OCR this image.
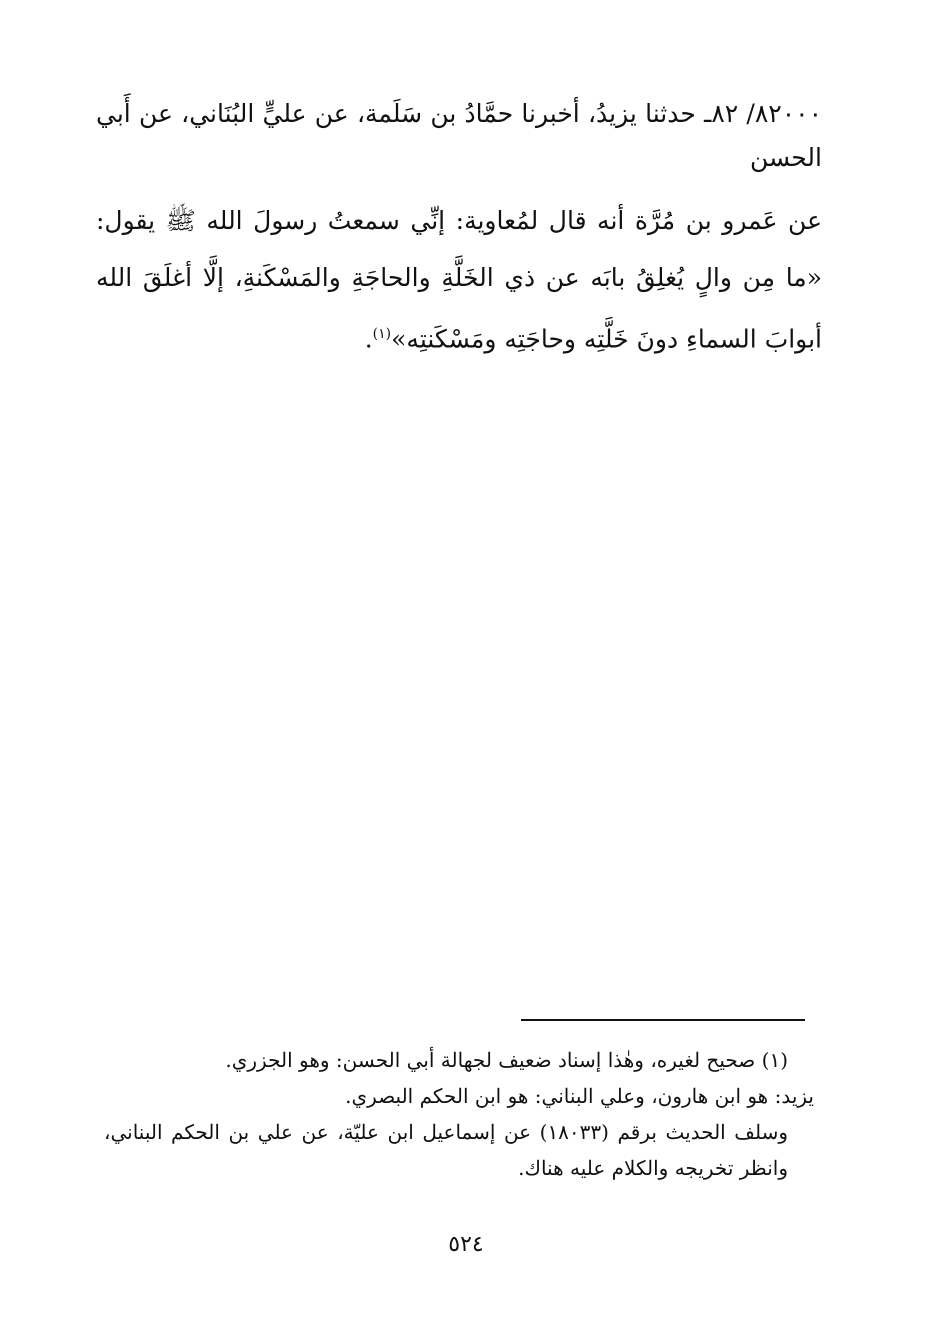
٨٢٠٠٠/ ٨٢ـ حدثنا يزيدُ، أخبرنا حمَّادُ بن سَلَمة، عن عليٍّ البُنَاني، عن أَبي الحسن

عن عَمرو بن مُرَّة أنه قال لمُعاوية: إنِّي سمعتُ رسولَ الله ﷺ يقول: «ما مِن والٍ يُغلِقُ بابَه عن ذي الخَلَّةِ والحاجَةِ والمَسْكَنةِ، إلَّا أغلَقَ الله أبوابَ السماءِ دونَ خَلَّتِه وحاجَتِه ومَسْكَنتِه»$^{(١)}$.

(١) صحيح لغيره، وهٰذا إسناد ضعيف لجهالة أبي الحسن: وهو الجزري.
يزيد: هو ابن هارون، وعلي البناني: هو ابن الحكم البصري.
وسلف الحديث برقم (١٨٠٣٣) عن إسماعيل ابن عليّة، عن علي بن الحكم البناني، وانظر تخريجه والكلام عليه هناك.
٥٢٤
